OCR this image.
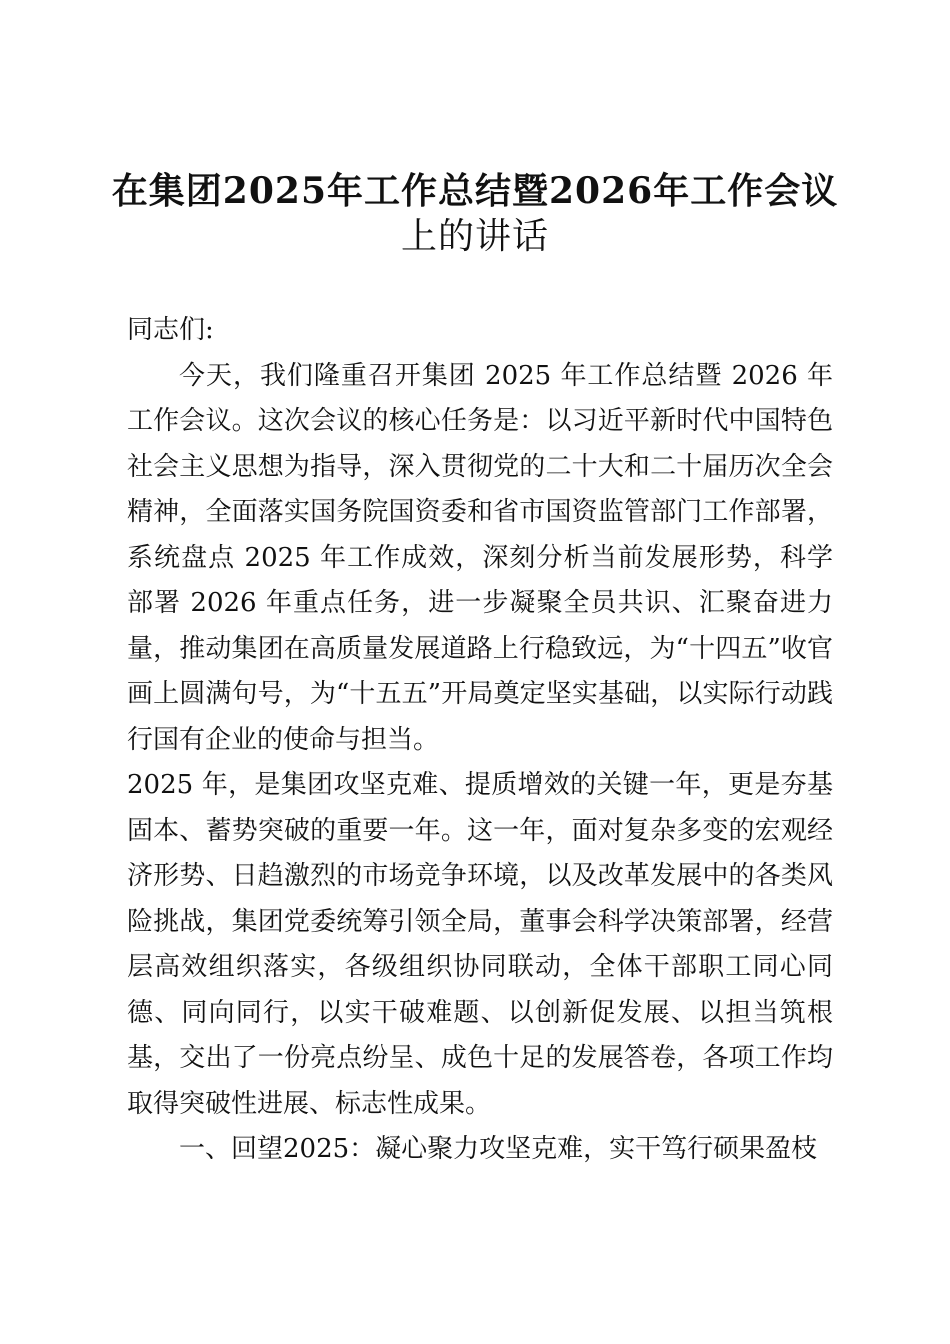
在集团2025年工作总结暨2026年工作会议
上的讲话

同志们:

今天，我们隆重召开集团 2025 年工作总结暨 2026 年工作会议。这次会议的核心任务是：以习近平新时代中国特色社会主义思想为指导，深入贯彻党的二十大和二十届历次全会精神，全面落实国务院国资委和省市国资监管部门工作部署，系统盘点 2025 年工作成效，深刻分析当前发展形势，科学部署 2026 年重点任务，进一步凝聚全员共识、汇聚奋进力量，推动集团在高质量发展道路上行稳致远，为“十四五”收官画上圆满句号，为“十五五”开局奠定坚实基础，以实际行动践行国有企业的使命与担当。

2025 年，是集团攻坚克难、提质增效的关键一年，更是夯基固本、蓄势突破的重要一年。这一年，面对复杂多变的宏观经济形势、日趋激烈的市场竞争环境，以及改革发展中的各类风险挑战，集团党委统筹引领全局，董事会科学决策部署，经营层高效组织落实，各级组织协同联动，全体干部职工同心同德、同向同行，以实干破难题、以创新促发展、以担当筑根基，交出了一份亮点纷呈、成色十足的发展答卷，各项工作均取得突破性进展、标志性成果。

一、回望2025：凝心聚力攻坚克难，实干笃行硕果盈枝
